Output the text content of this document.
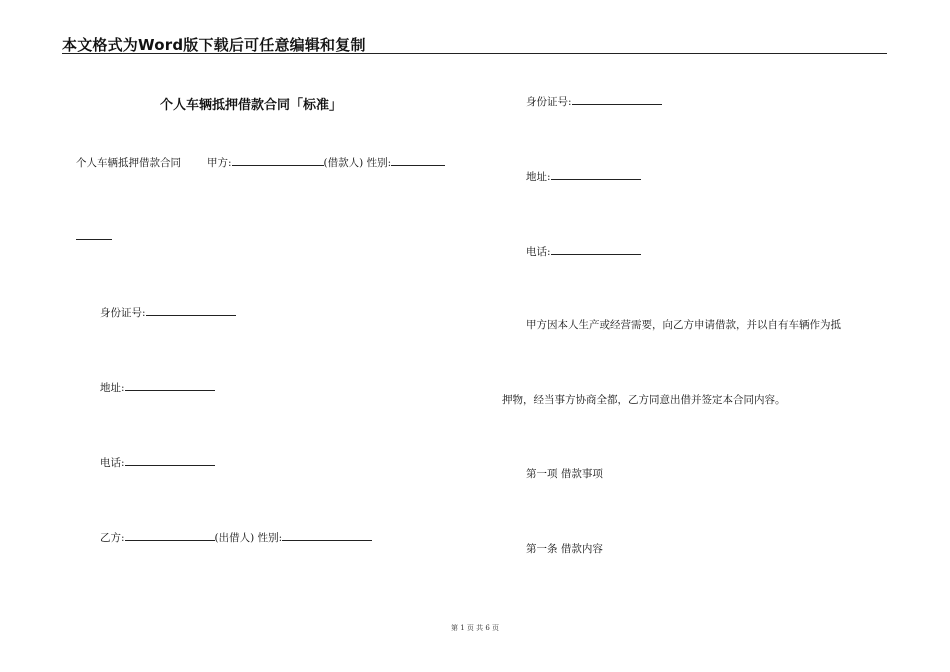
本文格式为Word版下载后可任意编辑和复制
个人车辆抵押借款合同「标准」
个人车辆抵押借款合同 甲方:	(借款人) 性别:
身份证号:
地址:
电话:
乙方:	(出借人) 性别:
身份证号:
地址:
电话:
甲方因本人生产或经营需要，向乙方申请借款，并以自有车辆作为抵
押物，经当事方协商全都，乙方同意出借并签定本合同内容。
第一项 借款事项
第一条 借款内容
第 1 页 共 6 页
